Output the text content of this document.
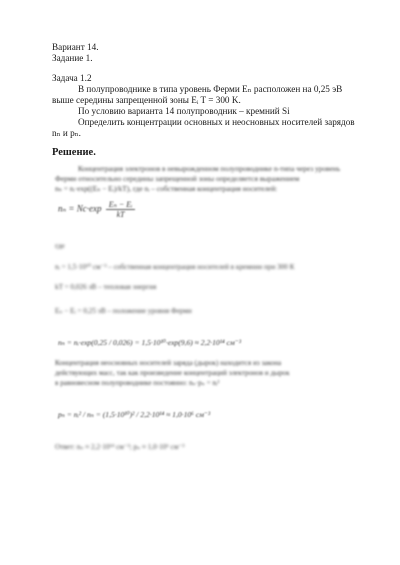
Вариант 14.
Задание 1.
Задача 1.2
В полупроводнике в типа уровень Ферми Eₙ расположен на 0,25 эВ
выше середины запрещенной зоны Eᵢ T = 300 K.
По условию варианта 14 полупроводник – кремний Si
Определить концентрации основных и неосновных носителей зарядов
nₙ и pₙ.
Решение.
Концентрация электронов в невырожденном полупроводнике n-типа через уровень
Ферми относительно середины запрещенной зоны определяется выражением
nₙ = nᵢ·exp((Eₙ − Eᵢ)/kT), где nᵢ – собственная концентрация носителей:
$n_n = Nc\cdot\exp \frac{\text{Eₙ − Eᵢ}}{kT}$
где
nᵢ = 1,5·10¹⁰ см⁻³ – собственная концентрация носителей в кремнии при 300 К
kT = 0,026 эВ – тепловая энергия
Eₙ − Eᵢ = 0,25 эВ – положение уровня Ферми
nₙ = nᵢ·exp(0,25 / 0,026) = 1,5·10¹⁰·exp(9,6) ≈ 2,2·10¹⁴ см⁻³
Концентрация неосновных носителей заряда (дырок) находится из закона
действующих масс, так как произведение концентраций электронов и дырок
в равновесном полупроводнике постоянно: nₙ·pₙ = nᵢ²
pₙ = nᵢ² / nₙ = (1,5·10¹⁰)² / 2,2·10¹⁴ ≈ 1,0·10⁶ см⁻³
Ответ: nₙ ≈ 2,2·10¹⁴ см⁻³; pₙ ≈ 1,0·10⁶ см⁻³
